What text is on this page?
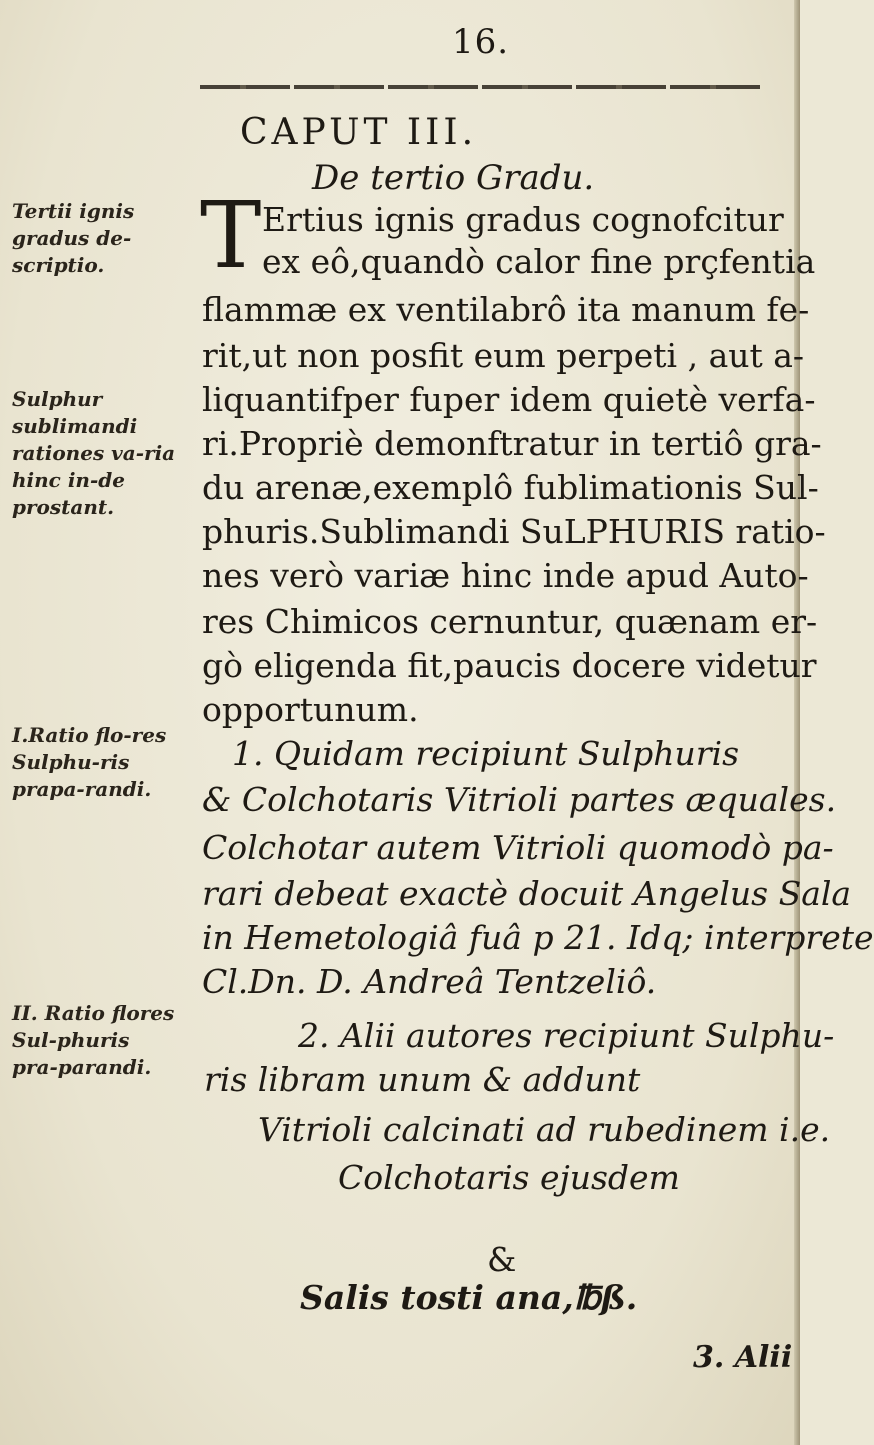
16.
CAPUT III.
De tertio Gradu.
Tertii ignis gradus de-scriptio.
Sulphur sublimandi rationes va-ria hinc in-de prostant.
I.Ratio flo-res Sulphu-ris prapa-randi.
II. Ratio flores Sul-phuris pra-parandi.
T Ertius ignis gradus cognofcitur
ex eô,quandò calor fine prçfentia
flammæ ex ventilabrô ita manum fe-
rit,ut non posfit eum perpeti , aut a-
liquantifper fuper idem quietè verfa-
ri.Propriè demonftratur in tertiô gra-
du arenæ,exemplô fublimationis Sul-
phuris.Sublimandi SuLPHURIS ratio-
nes verò variæ hinc inde apud Auto-
res Chimicos cernuntur, quænam er-
gò eligenda fit,paucis docere videtur
opportunum.
1. Quidam recipiunt Sulphuris
& Colchotaris Vitrioli partes æquales.
Colchotar autem Vitrioli quomodò pa-
rari debeat exactè docuit Angelus Sala
in Hemetologiâ fuâ p 21. Idq; interprete
Cl.Dn. D. Andreâ Tentzeliô.
2. Alii autores recipiunt Sulphu-
ris libram unum & addunt
Vitrioli calcinati ad rubedinem i.e.
Colchotaris ejusdem
&
Salis tosti ana,℔ß.
3. Alii
